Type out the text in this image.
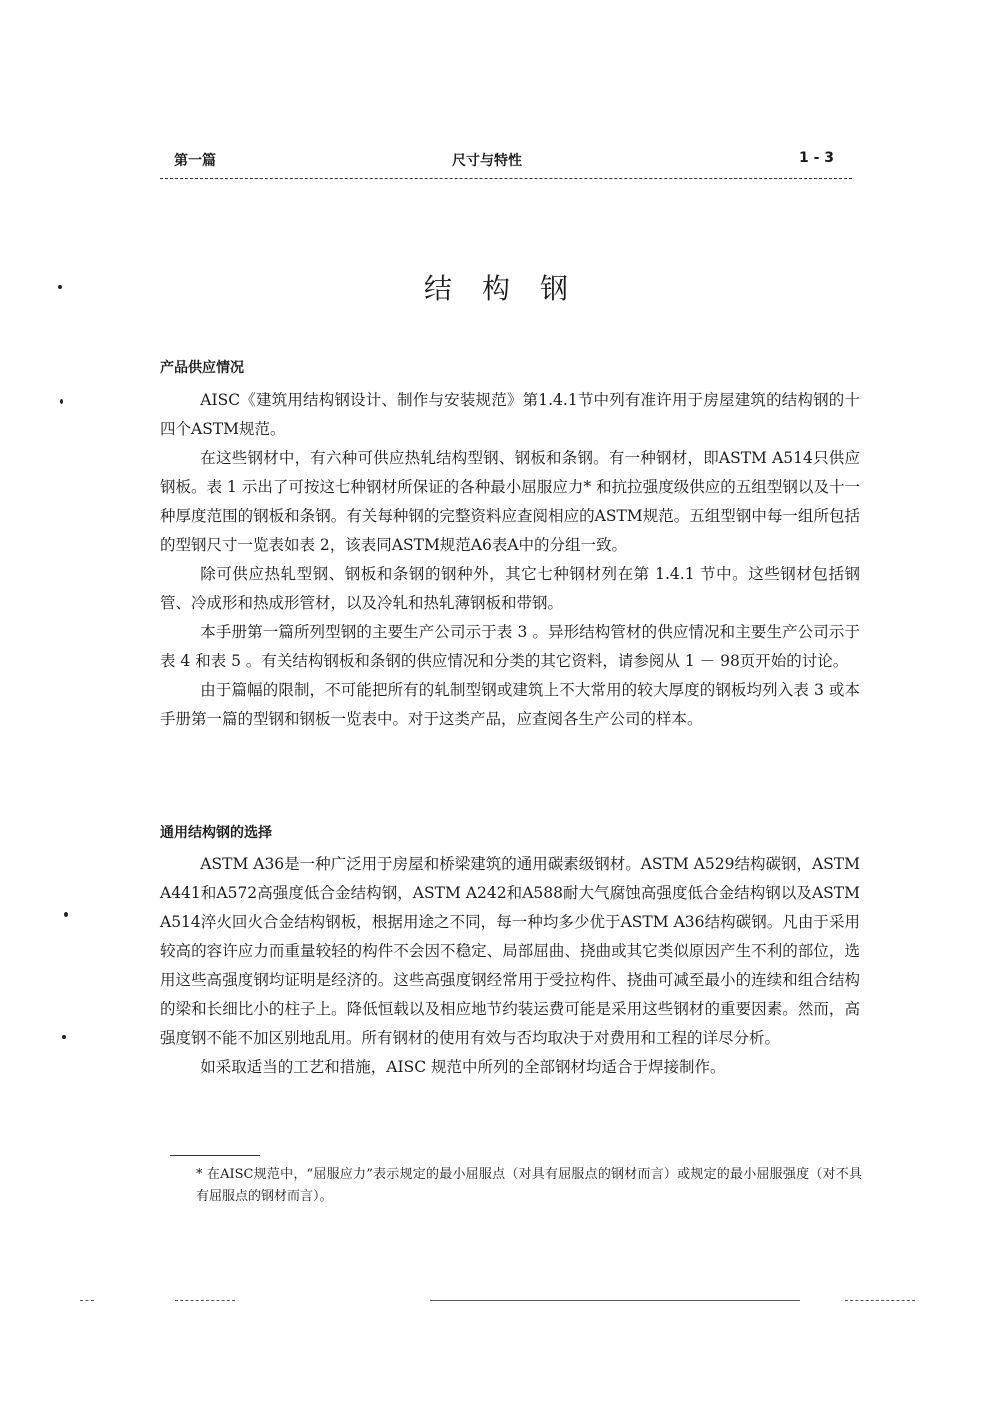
第一篇	尺寸与特性	1 - 3
结构钢
产品供应情况

AISC《建筑用结构钢设计、制作与安装规范》第1.4.1节中列有准许用于房屋建筑的结构钢的十四个ASTM规范。

在这些钢材中，有六种可供应热轧结构型钢、钢板和条钢。有一种钢材，即ASTM A514只供应钢板。表 1 示出了可按这七种钢材所保证的各种最小屈服应力* 和抗拉强度级供应的五组型钢以及十一种厚度范围的钢板和条钢。有关每种钢的完整资料应查阅相应的ASTM规范。五组型钢中每一组所包括的型钢尺寸一览表如表 2，该表同ASTM规范A6表A中的分组一致。

除可供应热轧型钢、钢板和条钢的钢种外，其它七种钢材列在第 1.4.1 节中。这些钢材包括钢管、冷成形和热成形管材，以及冷轧和热轧薄钢板和带钢。

本手册第一篇所列型钢的主要生产公司示于表 3 。异形结构管材的供应情况和主要生产公司示于表 4 和表 5 。有关结构钢板和条钢的供应情况和分类的其它资料，请参阅从 1 － 98页开始的讨论。

由于篇幅的限制，不可能把所有的轧制型钢或建筑上不大常用的较大厚度的钢板均列入表 3 或本手册第一篇的型钢和钢板一览表中。对于这类产品，应查阅各生产公司的样本。

通用结构钢的选择

ASTM A36是一种广泛用于房屋和桥梁建筑的通用碳素级钢材。ASTM A529结构碳钢，ASTM A441和A572高强度低合金结构钢，ASTM A242和A588耐大气腐蚀高强度低合金结构钢以及ASTM A514淬火回火合金结构钢板，根据用途之不同，每一种均多少优于ASTM A36结构碳钢。凡由于采用较高的容许应力而重量较轻的构件不会因不稳定、局部屈曲、挠曲或其它类似原因产生不利的部位，选用这些高强度钢均证明是经济的。这些高强度钢经常用于受拉构件、挠曲可减至最小的连续和组合结构的梁和长细比小的柱子上。降低恒载以及相应地节约装运费可能是采用这些钢材的重要因素。然而，高强度钢不能不加区别地乱用。所有钢材的使用有效与否均取决于对费用和工程的详尽分析。

如采取适当的工艺和措施，AISC 规范中所列的全部钢材均适合于焊接制作。

* 在AISC规范中，“屈服应力”表示规定的最小屈服点（对具有屈服点的钢材而言）或规定的最小屈服强度（对不具有屈服点的钢材而言）。
